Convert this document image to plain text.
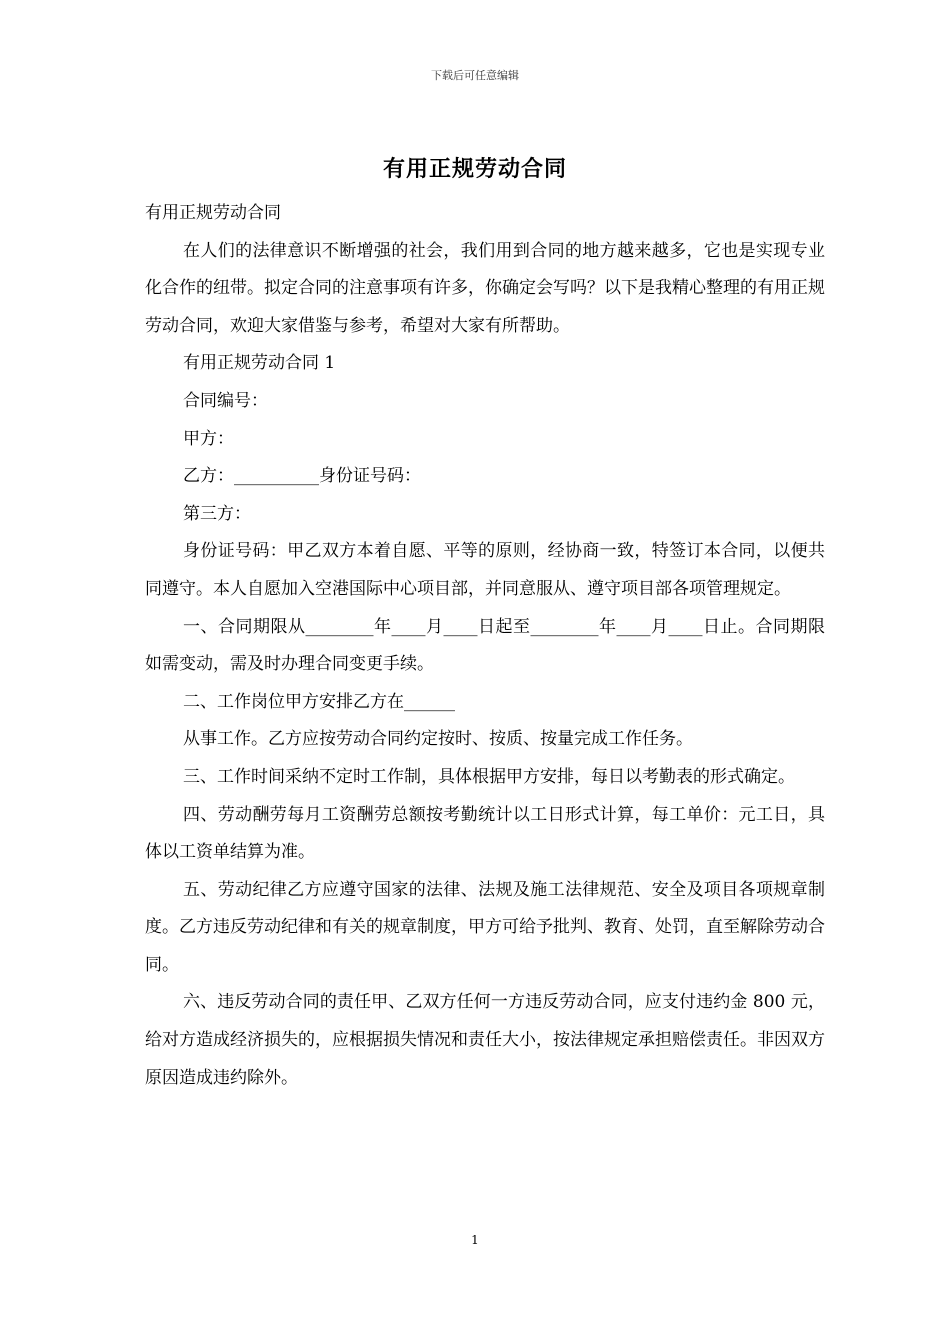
下载后可任意编辑
有用正规劳动合同

有用正规劳动合同

在人们的法律意识不断增强的社会，我们用到合同的地方越来越多，它也是实现专业化合作的纽带。拟定合同的注意事项有许多，你确定会写吗？以下是我精心整理的有用正规劳动合同，欢迎大家借鉴与参考，希望对大家有所帮助。

有用正规劳动合同 1

合同编号：

甲方：

乙方：__________身份证号码：

第三方：

身份证号码：甲乙双方本着自愿、平等的原则，经协商一致，特签订本合同，以便共同遵守。本人自愿加入空港国际中心项目部，并同意服从、遵守项目部各项管理规定。

一、合同期限从________年____月____日起至________年____月____日止。合同期限如需变动，需及时办理合同变更手续。

二、工作岗位甲方安排乙方在______

从事工作。乙方应按劳动合同约定按时、按质、按量完成工作任务。

三、工作时间采纳不定时工作制，具体根据甲方安排，每日以考勤表的形式确定。

四、劳动酬劳每月工资酬劳总额按考勤统计以工日形式计算，每工单价：元工日，具体以工资单结算为准。

五、劳动纪律乙方应遵守国家的法律、法规及施工法律规范、安全及项目各项规章制度。乙方违反劳动纪律和有关的规章制度，甲方可给予批判、教育、处罚，直至解除劳动合同。

六、违反劳动合同的责任甲、乙双方任何一方违反劳动合同，应支付违约金 800 元，给对方造成经济损失的，应根据损失情况和责任大小，按法律规定承担赔偿责任。非因双方原因造成违约除外。

1
